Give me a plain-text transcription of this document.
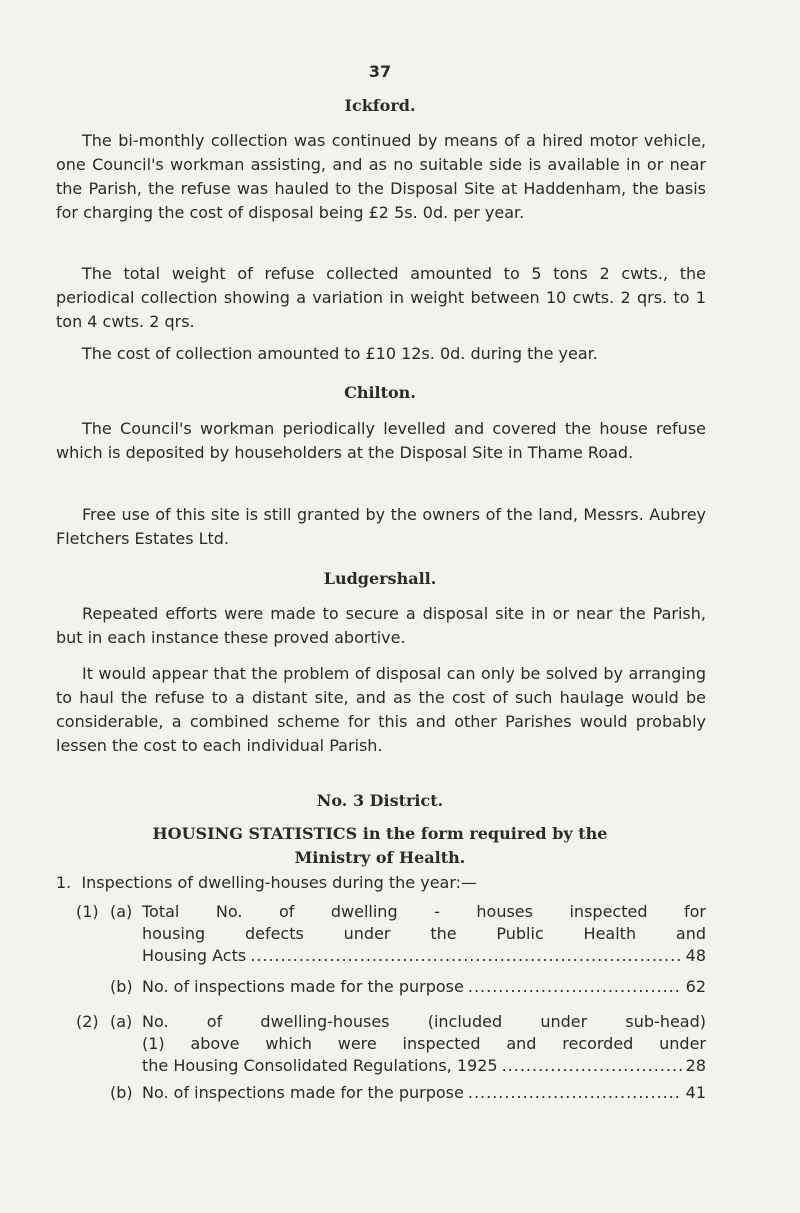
37
Ickford.

The bi-monthly collection was continued by means of a hired motor vehicle, one Council's workman assisting, and as no suitable side is available in or near the Parish, the refuse was hauled to the Disposal Site at Haddenham, the basis for charging the cost of disposal being £2 5s. 0d. per year.

The total weight of refuse collected amounted to 5 tons 2 cwts., the periodical collection showing a variation in weight between 10 cwts. 2 qrs. to 1 ton 4 cwts. 2 qrs.

The cost of collection amounted to £10 12s. 0d. during the year.

Chilton.

The Council's workman periodically levelled and covered the house refuse which is deposited by householders at the Disposal Site in Thame Road.

Free use of this site is still granted by the owners of the land, Messrs. Aubrey Fletchers Estates Ltd.

Ludgershall.

Repeated efforts were made to secure a disposal site in or near the Parish, but in each instance these proved abortive.

It would appear that the problem of disposal can only be solved by arranging to haul the refuse to a distant site, and as the cost of such haulage would be considerable, a combined scheme for this and other Parishes would probably lessen the cost to each individual Parish.

No. 3 District.
HOUSING STATISTICS in the form required by the
Ministry of Health.
1.  Inspections of dwelling-houses during the year:—
(1) (a) Total No. of dwelling - houses inspected for
housing defects under the Public Health and
Housing Acts .....	48
(b) No. of inspections made for the purpose .....	62
(2) (a) No. of dwelling-houses (included under sub-head)
(1) above which were inspected and recorded under
the Housing Consolidated Regulations, 1925 .....	28
(b) No. of inspections made for the purpose .....	41
